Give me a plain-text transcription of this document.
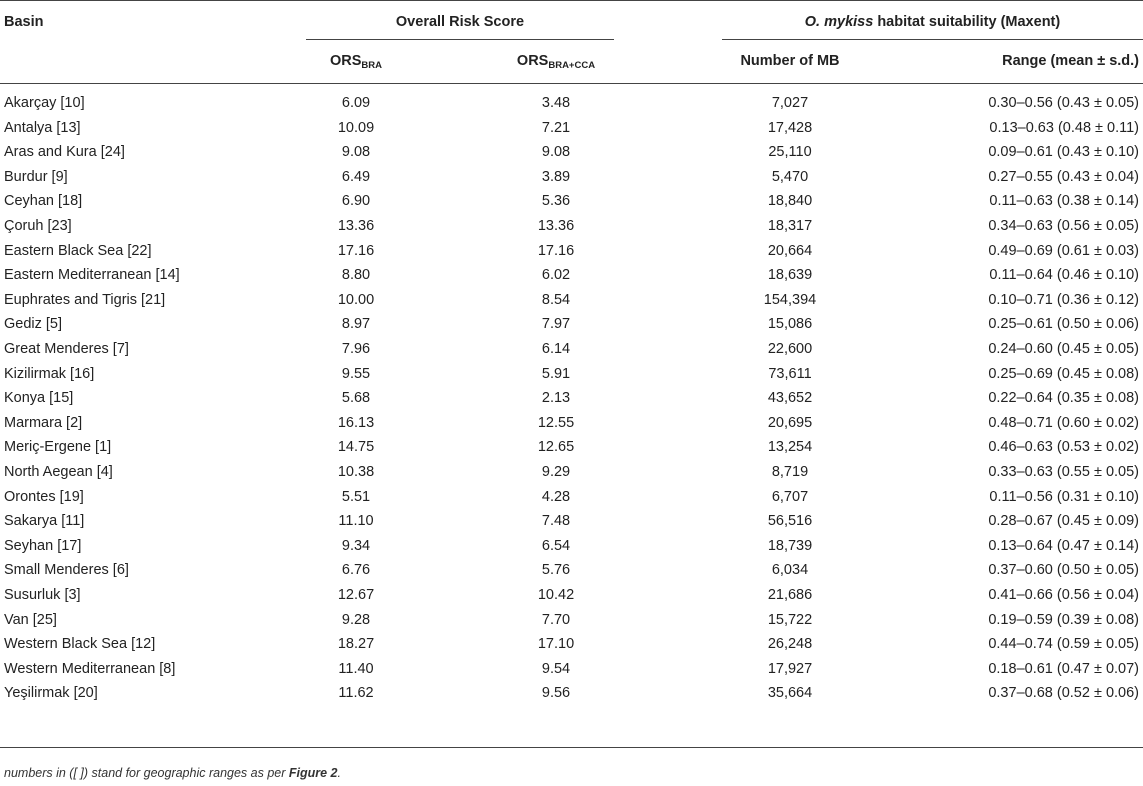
Basin	Overall Risk Score	O. mykiss habitat suitability (Maxent)
$ORS_{BRA}$	$ORS_{BRA+CCA}$	Number of MB	Range (mean ± s.d.)
Akarçay [10]	6.09	3.48	7,027	0.30–0.56 (0.43 ± 0.05)
Antalya [13]	10.09	7.21	17,428	0.13–0.63 (0.48 ± 0.11)
Aras and Kura [24]	9.08	9.08	25,110	0.09–0.61 (0.43 ± 0.10)
Burdur [9]	6.49	3.89	5,470	0.27–0.55 (0.43 ± 0.04)
Ceyhan [18]	6.90	5.36	18,840	0.11–0.63 (0.38 ± 0.14)
Çoruh [23]	13.36	13.36	18,317	0.34–0.63 (0.56 ± 0.05)
Eastern Black Sea [22]	17.16	17.16	20,664	0.49–0.69 (0.61 ± 0.03)
Eastern Mediterranean [14]	8.80	6.02	18,639	0.11–0.64 (0.46 ± 0.10)
Euphrates and Tigris [21]	10.00	8.54	154,394	0.10–0.71 (0.36 ± 0.12)
Gediz [5]	8.97	7.97	15,086	0.25–0.61 (0.50 ± 0.06)
Great Menderes [7]	7.96	6.14	22,600	0.24–0.60 (0.45 ± 0.05)
Kizilirmak [16]	9.55	5.91	73,611	0.25–0.69 (0.45 ± 0.08)
Konya [15]	5.68	2.13	43,652	0.22–0.64 (0.35 ± 0.08)
Marmara [2]	16.13	12.55	20,695	0.48–0.71 (0.60 ± 0.02)
Meriç-Ergene [1]	14.75	12.65	13,254	0.46–0.63 (0.53 ± 0.02)
North Aegean [4]	10.38	9.29	8,719	0.33–0.63 (0.55 ± 0.05)
Orontes [19]	5.51	4.28	6,707	0.11–0.56 (0.31 ± 0.10)
Sakarya [11]	11.10	7.48	56,516	0.28–0.67 (0.45 ± 0.09)
Seyhan [17]	9.34	6.54	18,739	0.13–0.64 (0.47 ± 0.14)
Small Menderes [6]	6.76	5.76	6,034	0.37–0.60 (0.50 ± 0.05)
Susurluk [3]	12.67	10.42	21,686	0.41–0.66 (0.56 ± 0.04)
Van [25]	9.28	7.70	15,722	0.19–0.59 (0.39 ± 0.08)
Western Black Sea [12]	18.27	17.10	26,248	0.44–0.74 (0.59 ± 0.05)
Western Mediterranean [8]	11.40	9.54	17,927	0.18–0.61 (0.47 ± 0.07)
Yeşilirmak [20]	11.62	9.56	35,664	0.37–0.68 (0.52 ± 0.06)
numbers in ([ ]) stand for geographic ranges as per Figure 2.
